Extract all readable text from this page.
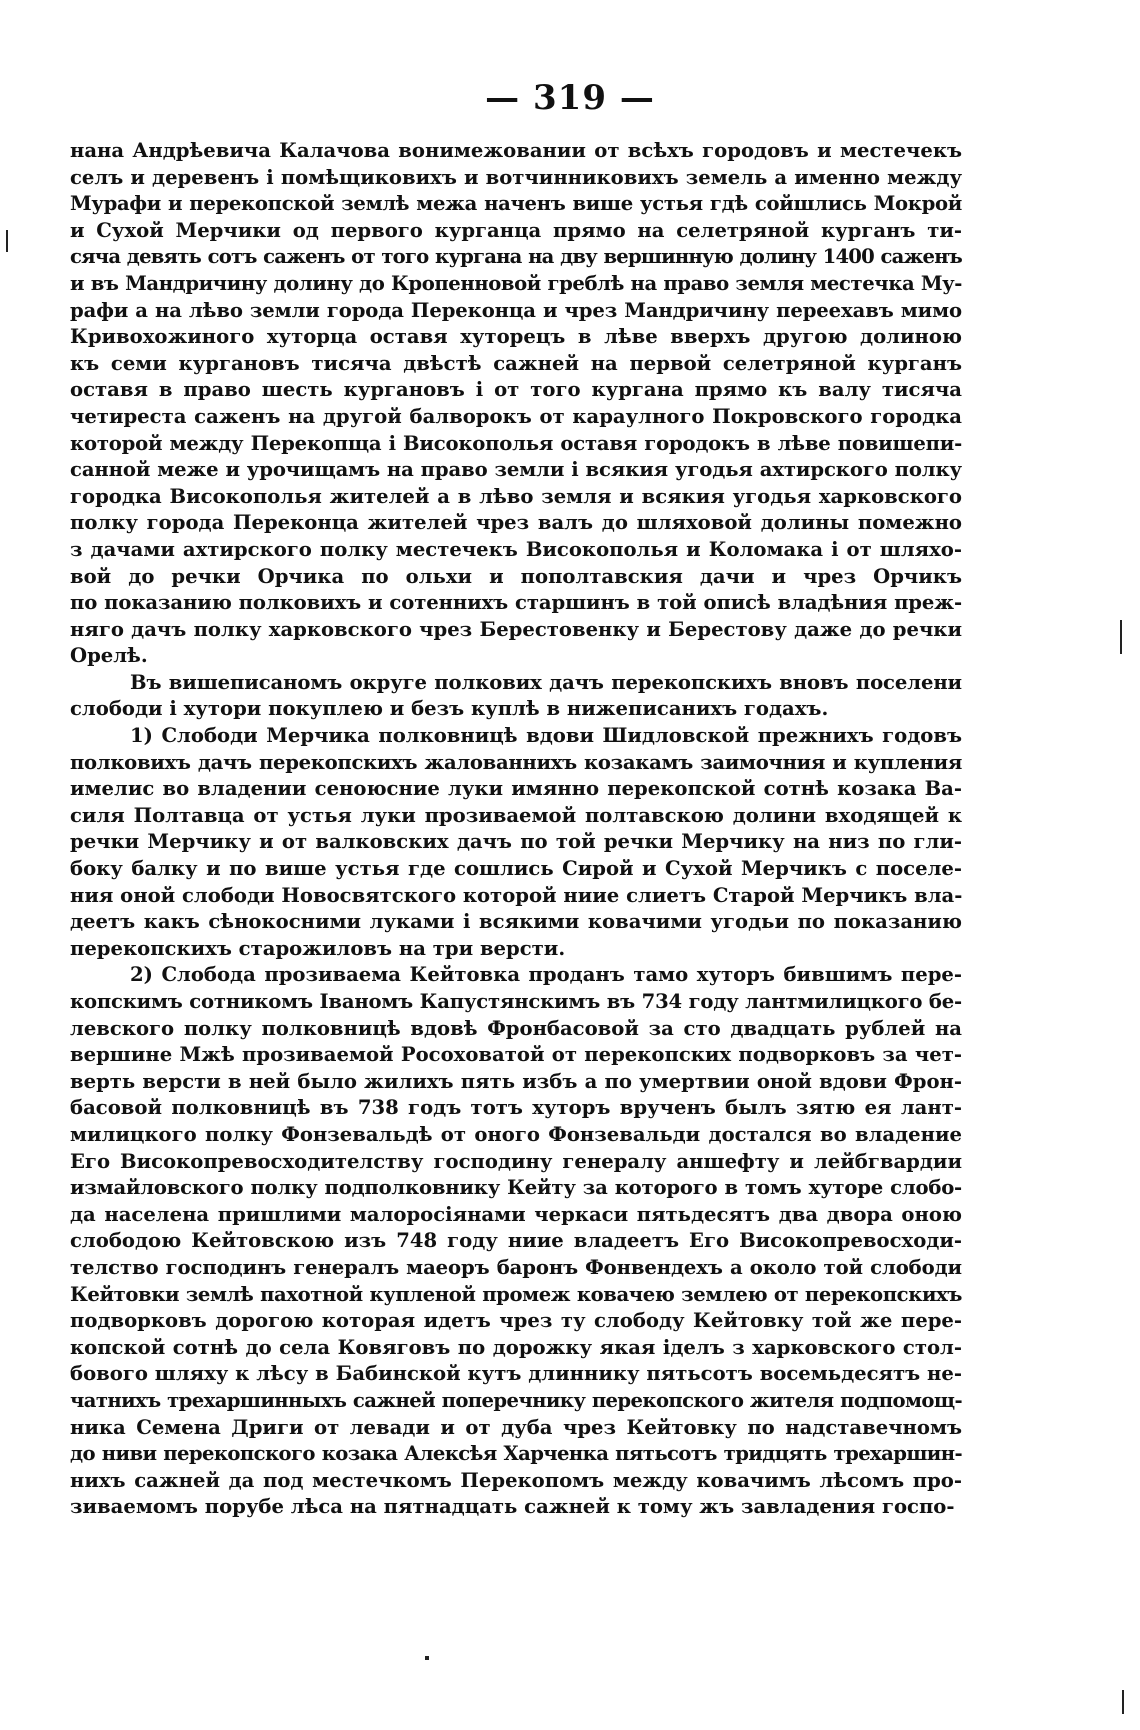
— 319 —
нана Андрѣевича Калачова вонимежовании от всѣхъ городовъ и местечекъ
селъ и деревенъ і помѣщиковихъ и вотчинниковихъ земель а именно между
Мурафи и перекопской землѣ межа наченъ више устья гдѣ сойшлись Мокрой
и Сухой Мерчики од первого курганца прямо на селетряной курганъ ти-
сяча девять сотъ саженъ от того кургана на дву вершинную долину 1400 саженъ
и въ Мандричину долину до Кропенновой греблѣ на право земля местечка Му-
рафи а на лѣво земли города Переконца и чрез Мандричину переехавъ мимо
Кривохожиного хуторца оставя хуторецъ в лѣве вверхъ другою долиною
къ семи кургановъ тисяча двѣстѣ сажней на первой селетряной курганъ
оставя в право шесть кургановъ і от того кургана прямо къ валу тисяча
четиреста саженъ на другой балворокъ от караулного Покровского городка
которой между Перекопща і Високополья оставя городокъ в лѣве повишепи-
санной меже и урочищамъ на право земли і всякия угодья ахтирского полку
городка Високополья жителей а в лѣво земля и всякия угодья харковского
полку города Переконца жителей чрез валъ до шляховой долины помежно
з дачами ахтирского полку местечекъ Високополья и Коломака і от шляхо-
вой до речки Орчика по ольхи и пополтавския дачи и чрез Орчикъ
по показанию полковихъ и сотеннихъ старшинъ в той описѣ владѣния преж-
няго дачъ полку харковского чрез Берестовенку и Берестову даже до речки
Орелѣ.
Въ вишеписаномъ округе полкових дачъ перекопскихъ вновъ поселени
слободи і хутори покуплею и безъ куплѣ в нижеписанихъ годахъ.
1) Слободи Мерчика полковницѣ вдови Шидловской прежнихъ годовъ
полковихъ дачъ перекопскихъ жалованнихъ козакамъ заимочния и купления
имелис во владении сеноюсние луки имянно перекопской сотнѣ козака Ва-
силя Полтавца от устья луки прозиваемой полтавскою долини входящей к
речки Мерчику и от валковских дачъ по той речки Мерчику на низ по гли-
боку балку и по више устья где сошлись Сирой и Сухой Мерчикъ с поселе-
ния оной слободи Новосвятского которой ниие слиетъ Старой Мерчикъ вла-
деетъ какъ сѣнокосними луками і всякими ковачими угодьи по показанию
перекопскихъ старожиловъ на три версти.
2) Слобода прозиваема Кейтовка проданъ тамо хуторъ бившимъ пере-
копскимъ сотникомъ Іваномъ Капустянскимъ въ 734 году лантмилицкого бе-
левского полку полковницѣ вдовѣ Фронбасовой за сто двадцать рублей на
вершине Мжѣ прозиваемой Росоховатой от перекопских подворковъ за чет-
верть версти в ней было жилихъ пять избъ а по умертвии оной вдови Фрон-
басовой полковницѣ въ 738 годъ тотъ хуторъ врученъ былъ зятю ея лант-
милицкого полку Фонзевальдѣ от оного Фонзевальди достался во владение
Его Високопревосходителству господину генералу аншефту и лейбгвардии
измайловского полку подполковнику Кейту за которого в томъ хуторе слобо-
да населена пришлими малоросіянами черкаси пятьдесятъ два двора оною
слободою Кейтовскою изъ 748 году ниие владеетъ Его Високопревосходи-
телство господинъ генералъ маеоръ баронъ Фонвендехъ а около той слободи
Кейтовки землѣ пахотной купленой промеж ковачею землею от перекопскихъ
подворковъ дорогою которая идетъ чрез ту слободу Кейтовку той же пере-
копской сотнѣ до села Ковяговъ по дорожку якая іделъ з харковского стол-
бового шляху к лѣсу в Бабинской кутъ длиннику пятьсотъ восемьдесятъ не-
чатнихъ трехаршинныхъ сажней поперечнику перекопского жителя подпомощ-
ника Семена Дриги от левади и от дуба чрез Кейтовку по надставечномъ
до ниви перекопского козака Алексѣя Харченка пятьсотъ тридцять трехаршин-
нихъ сажней да под местечкомъ Перекопомъ между ковачимъ лѣсомъ про-
зиваемомъ порубе лѣса на пятнадцать сажней к тому жъ завладения госпо-
